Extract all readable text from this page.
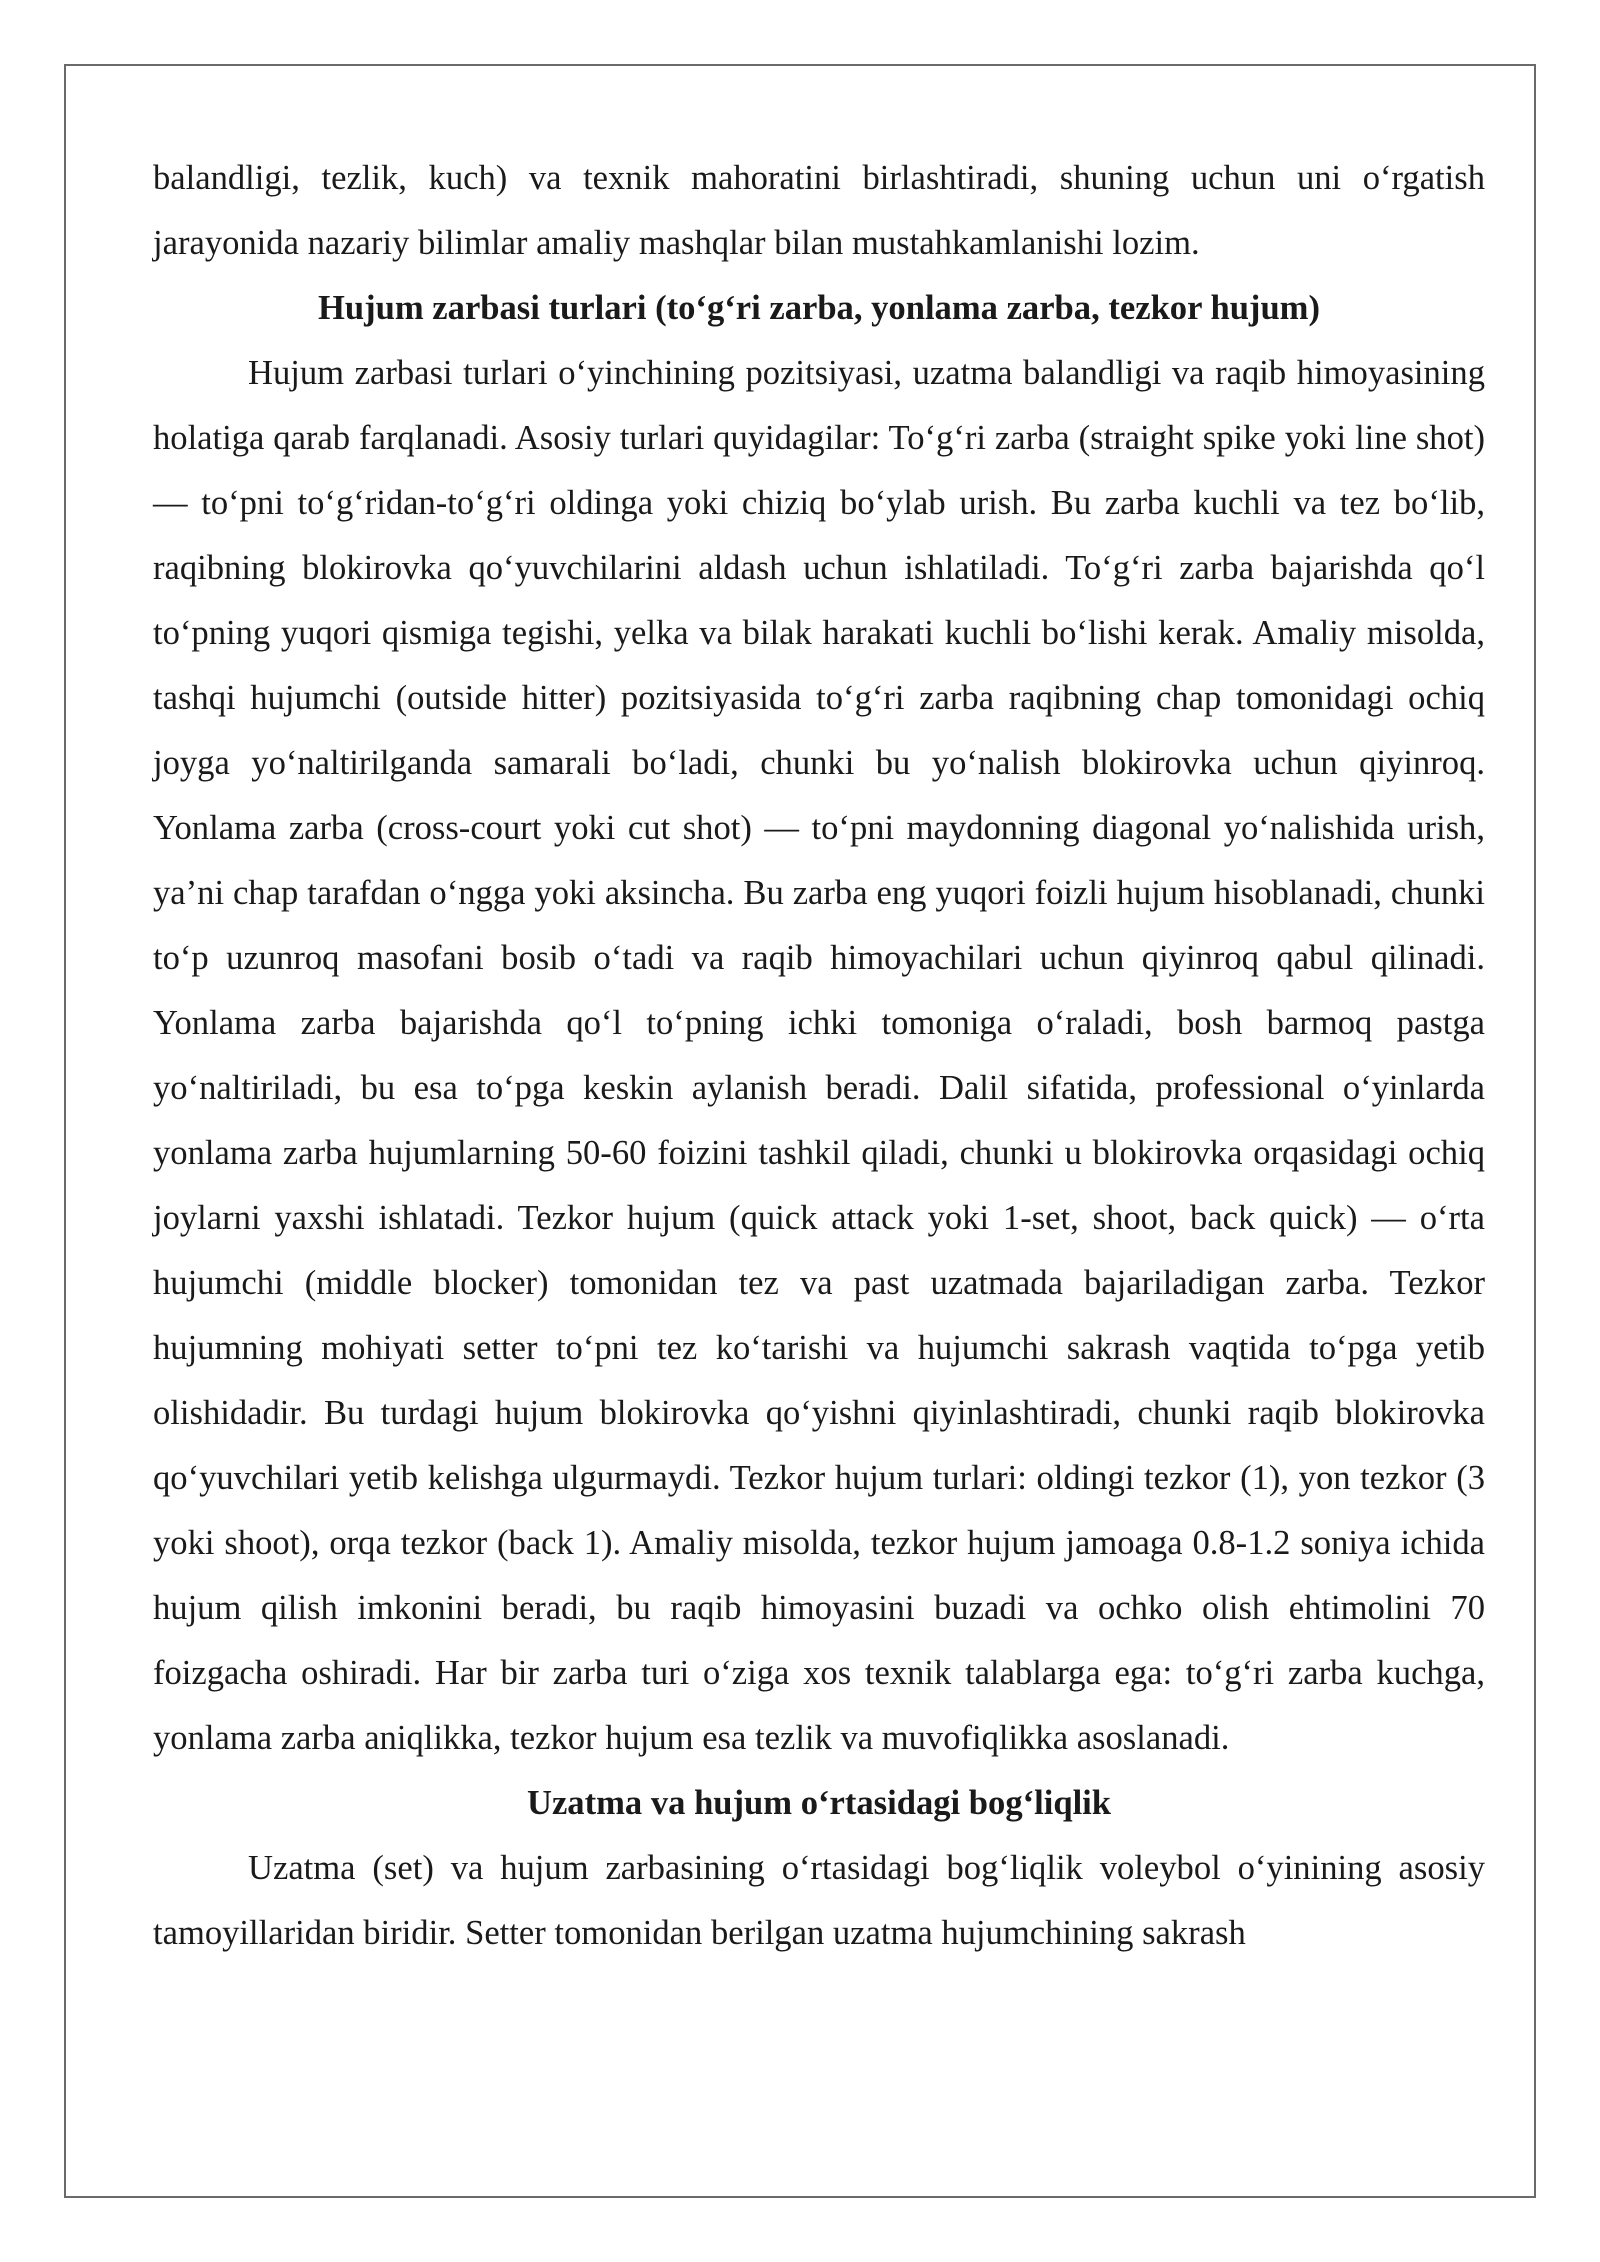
balandligi, tezlik, kuch) va texnik mahoratini birlashtiradi, shuning uchun uni o‘rgatish jarayonida nazariy bilimlar amaliy mashqlar bilan mustahkamlanishi lozim.

Hujum zarbasi turlari (to‘g‘ri zarba, yonlama zarba, tezkor hujum)

Hujum zarbasi turlari o‘yinchining pozitsiyasi, uzatma balandligi va raqib himoyasining holatiga qarab farqlanadi. Asosiy turlari quyidagilar: To‘g‘ri zarba (straight spike yoki line shot) — to‘pni to‘g‘ridan-to‘g‘ri oldinga yoki chiziq bo‘ylab urish. Bu zarba kuchli va tez bo‘lib, raqibning blokirovka qo‘yuvchilarini aldash uchun ishlatiladi. To‘g‘ri zarba bajarishda qo‘l to‘pning yuqori qismiga tegishi, yelka va bilak harakati kuchli bo‘lishi kerak. Amaliy misolda, tashqi hujumchi (outside hitter) pozitsiyasida to‘g‘ri zarba raqibning chap tomonidagi ochiq joyga yo‘naltirilganda samarali bo‘ladi, chunki bu yo‘nalish blokirovka uchun qiyinroq. Yonlama zarba (cross-court yoki cut shot) — to‘pni maydonning diagonal yo‘nalishida urish, ya’ni chap tarafdan o‘ngga yoki aksincha. Bu zarba eng yuqori foizli hujum hisoblanadi, chunki to‘p uzunroq masofani bosib o‘tadi va raqib himoyachilari uchun qiyinroq qabul qilinadi. Yonlama zarba bajarishda qo‘l to‘pning ichki tomoniga o‘raladi, bosh barmoq pastga yo‘naltiriladi, bu esa to‘pga keskin aylanish beradi. Dalil sifatida, professional o‘yinlarda yonlama zarba hujumlarning 50-60 foizini tashkil qiladi, chunki u blokirovka orqasidagi ochiq joylarni yaxshi ishlatadi. Tezkor hujum (quick attack yoki 1-set, shoot, back quick) — o‘rta hujumchi (middle blocker) tomonidan tez va past uzatmada bajariladigan zarba. Tezkor hujumning mohiyati setter to‘pni tez ko‘tarishi va hujumchi sakrash vaqtida to‘pga yetib olishidadir. Bu turdagi hujum blokirovka qo‘yishni qiyinlashtiradi, chunki raqib blokirovka qo‘yuvchilari yetib kelishga ulgurmaydi. Tezkor hujum turlari: oldingi tezkor (1), yon tezkor (3 yoki shoot), orqa tezkor (back 1). Amaliy misolda, tezkor hujum jamoaga 0.8-1.2 soniya ichida hujum qilish imkonini beradi, bu raqib himoyasini buzadi va ochko olish ehtimolini 70 foizgacha oshiradi. Har bir zarba turi o‘ziga xos texnik talablarga ega: to‘g‘ri zarba kuchga, yonlama zarba aniqlikka, tezkor hujum esa tezlik va muvofiqlikka asoslanadi.

Uzatma va hujum o‘rtasidagi bog‘liqlik

Uzatma (set) va hujum zarbasining o‘rtasidagi bog‘liqlik voleybol o‘yinining asosiy tamoyillaridan biridir. Setter tomonidan berilgan uzatma hujumchining sakrash
